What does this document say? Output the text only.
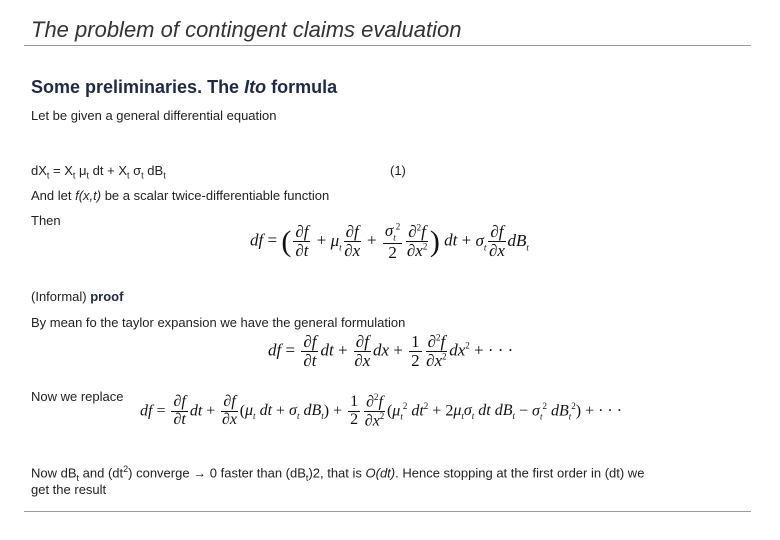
The problem of contingent claims evaluation
Some preliminaries. The Ito formula
Let be given a general differential equation
$dX_t = X_t$ $\mu_t$ dt + $X_t$ $\sigma_t$ $dB_t$	(1)
And let f(x,t) be a scalar twice-differentiable function
Then
df = ( $\frac{\partial f}{\partial t} + \mu_t \frac{\partial f}{\partial x} + \frac{\sigma_t^2}{2} \frac{\partial^2f}{\partial x^2}$ ) dt + $\sigma_t \frac{\partial f}{\partial x} dB_t$
(Informal) proof
By mean fo the taylor expansion we have the general formulation
df = $\frac{\partial f}{\partial t}$ dt + $\frac{\partial f}{\partial x}$ dx + $\frac{1}{2} \frac{\partial^2f}{\partial x^2} dx^2$ + · · ·
Now we replace
df = $\frac{\partial f}{\partial t}$ dt + $\frac{\partial f}{\partial x} (\mu_t$ dt + $\sigma_t$ $dB_t) + \frac{1}{2} \frac{\partial^2f}{\partial x^2} (\mu_t^2$ $dt^2 + 2\mu_t\sigma_t$ dt $dB_t - \sigma_t^2$ $dB_t^2$) + · · ·
Now $dB_t$ and $(dt^2)$ converge → 0 faster than $(dB_t)2$, that is O(dt). Hence stopping at the first order in (dt) we
get the result
